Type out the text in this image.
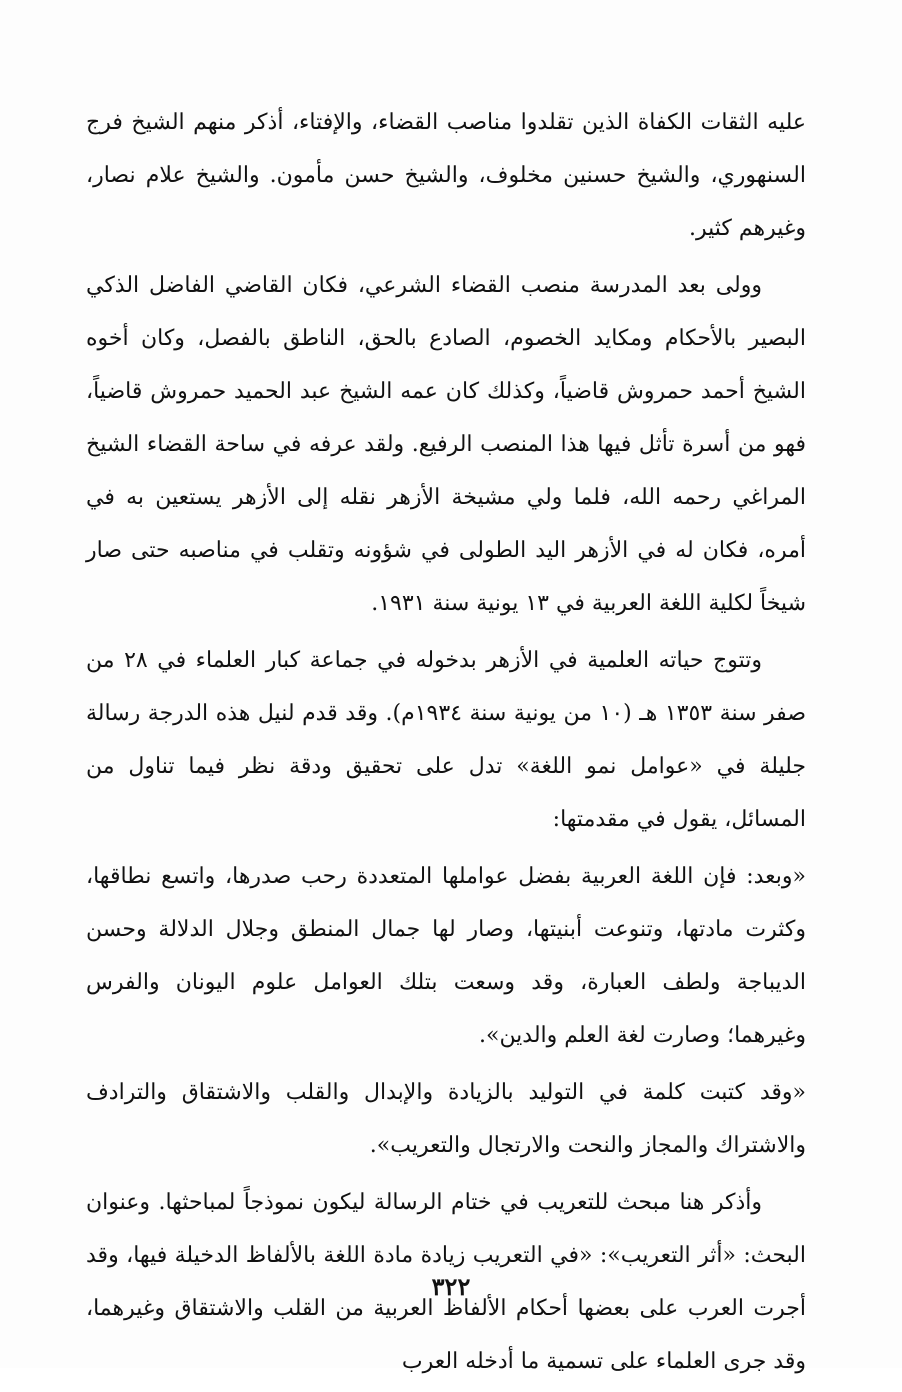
عليه الثقات الكفاة الذين تقلدوا مناصب القضاء، والإفتاء، أذكر منهم الشيخ فرج السنهوري، والشيخ حسنين مخلوف، والشيخ حسن مأمون. والشيخ علام نصار، وغيرهم كثير.

وولى بعد المدرسة منصب القضاء الشرعي، فكان القاضي الفاضل الذكي البصير بالأحكام ومكايد الخصوم، الصادع بالحق، الناطق بالفصل، وكان أخوه الشيخ أحمد حمروش قاضياً، وكذلك كان عمه الشيخ عبد الحميد حمروش قاضياً، فهو من أسرة تأثل فيها هذا المنصب الرفيع. ولقد عرفه في ساحة القضاء الشيخ المراغي رحمه الله، فلما ولي مشيخة الأزهر نقله إلى الأزهر يستعين به في أمره، فكان له في الأزهر اليد الطولى في شؤونه وتقلب في مناصبه حتى صار شيخاً لكلية اللغة العربية في ١٣ يونية سنة ١٩٣١.

وتتوج حياته العلمية في الأزهر بدخوله في جماعة كبار العلماء في ٢٨ من صفر سنة ١٣٥٣ هـ (١٠ من يونية سنة ١٩٣٤م). وقد قدم لنيل هذه الدرجة رسالة جليلة في «عوامل نمو اللغة» تدل على تحقيق ودقة نظر فيما تناول من المسائل، يقول في مقدمتها:

«وبعد: فإن اللغة العربية بفضل عواملها المتعددة رحب صدرها، واتسع نطاقها، وكثرت مادتها، وتنوعت أبنيتها، وصار لها جمال المنطق وجلال الدلالة وحسن الديباجة ولطف العبارة، وقد وسعت بتلك العوامل علوم اليونان والفرس وغيرهما؛ وصارت لغة العلم والدين».

«وقد كتبت كلمة في التوليد بالزيادة والإبدال والقلب والاشتقاق والترادف والاشتراك والمجاز والنحت والارتجال والتعريب».

وأذكر هنا مبحث للتعريب في ختام الرسالة ليكون نموذجاً لمباحثها. وعنوان البحث: «أثر التعريب»: «في التعريب زيادة مادة اللغة بالألفاظ الدخيلة فيها، وقد أجرت العرب على بعضها أحكام الألفاظ العربية من القلب والاشتقاق وغيرهما، وقد جرى العلماء على تسمية ما أدخله العرب

٣٢٢
